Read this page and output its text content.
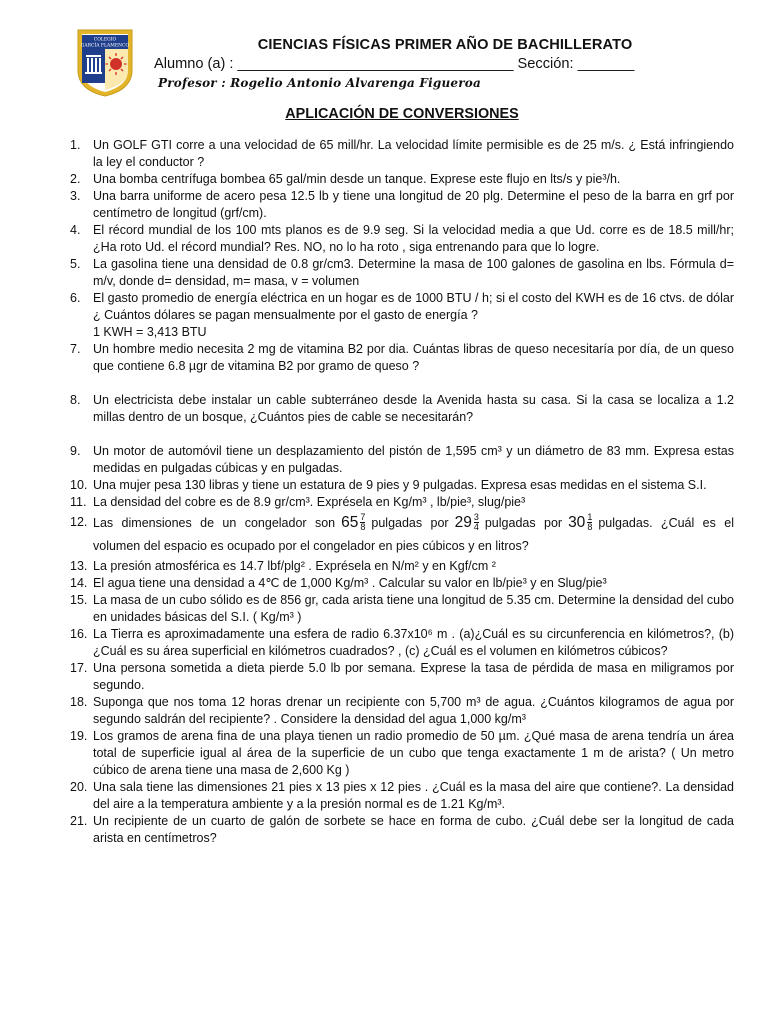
COLEGIO
GARCÍA FLAMENCO	CIENCIAS FÍSICAS PRIMER AÑO DE BACHILLERATO
Alumno (a) : __________________________________ Sección: _______
Profesor : Rogelio Antonio Alvarenga Figueroa
APLICACIÓN DE CONVERSIONES
1. Un GOLF GTI corre a una velocidad de 65 mill/hr. La velocidad límite permisible es de 25 m/s. ¿ Está infringiendo la ley el conductor ?
2. Una bomba centrífuga bombea 65 gal/min desde un tanque. Exprese este flujo en lts/s y pie³/h.
3. Una barra uniforme de acero pesa 12.5 lb y tiene una longitud de 20 plg. Determine el peso de la barra en grf por centímetro de longitud (grf/cm).
4. El récord mundial de los 100 mts planos es de 9.9 seg. Si la velocidad media a que Ud. corre es de 18.5 mill/hr; ¿Ha roto Ud. el récord mundial? Res. NO, no lo ha roto , siga entrenando para que lo logre.
5. La gasolina tiene una densidad de 0.8 gr/cm3. Determine la masa de 100 galones de gasolina en lbs. Fórmula d= m/v, donde d= densidad, m= masa, v = volumen
6. El gasto promedio de energía eléctrica en un hogar es de 1000 BTU / h; si el costo del KWH es de 16 ctvs. de dólar ¿ Cuántos dólares se pagan mensualmente por el gasto de energía ?
1 KWH = 3,413 BTU
7. Un hombre medio necesita 2 mg de vitamina B2 por dia. Cuántas libras de queso necesitaría por día, de un queso que contiene 6.8 µgr de vitamina B2 por gramo de queso ?
8. Un electricista debe instalar un cable subterráneo desde la Avenida hasta su casa. Si la casa se localiza a 1.2 millas dentro de un bosque, ¿Cuántos pies de cable se necesitarán?
9. Un motor de automóvil tiene un desplazamiento del pistón de 1,595 cm³ y un diámetro de 83 mm. Expresa estas medidas en pulgadas cúbicas y en pulgadas.
10. Una mujer pesa 130 libras y tiene un estatura de 9 pies y 9 pulgadas. Expresa esas medidas en el sistema S.I.
11. La densidad del cobre es de 8.9 gr/cm³. Exprésela en Kg/m³ , lb/pie³, slug/pie³
12. Las dimensiones de un congelador son $65 \frac{7}{8}$ pulgadas por $29 \frac{3}{4}$ pulgadas por $30 \frac{1}{8}$ pulgadas. ¿Cuál es el volumen del espacio es ocupado por el congelador en pies cúbicos y en litros?
13. La presión atmosférica es 14.7 lbf/plg² . Exprésela en N/m² y en Kgf/cm ²
14. El agua tiene una densidad a 4℃ de 1,000 Kg/m³ . Calcular su valor en lb/pie³ y en Slug/pie³
15. La masa de un cubo sólido es de 856 gr, cada arista tiene una longitud de 5.35 cm. Determine la densidad del cubo en unidades básicas del S.I. ( Kg/m³ )
16. La Tierra es aproximadamente una esfera de radio 6.37x10⁶ m . (a)¿Cuál es su circunferencia en kilómetros?, (b) ¿Cuál es su área superficial en kilómetros cuadrados? , (c) ¿Cuál es el volumen en kilómetros cúbicos?
17. Una persona sometida a dieta pierde 5.0 lb por semana. Exprese la tasa de pérdida de masa en miligramos por segundo.
18. Suponga que nos toma 12 horas drenar un recipiente con 5,700 m³ de agua. ¿Cuántos kilogramos de agua por segundo saldrán del recipiente? . Considere la densidad del agua 1,000 kg/m³
19. Los gramos de arena fina de una playa tienen un radio promedio de 50 µm. ¿Qué masa de arena tendría un área total de superficie igual al área de la superficie de un cubo que tenga exactamente 1 m de arista? ( Un metro cúbico de arena tiene una masa de 2,600 Kg )
20. Una sala tiene las dimensiones 21 pies x 13 pies x 12 pies . ¿Cuál es la masa del aire que contiene?. La densidad del aire a la temperatura ambiente y a la presión normal es de 1.21 Kg/m³.
21. Un recipiente de un cuarto de galón de sorbete se hace en forma de cubo. ¿Cuál debe ser la longitud de cada arista en centímetros?
